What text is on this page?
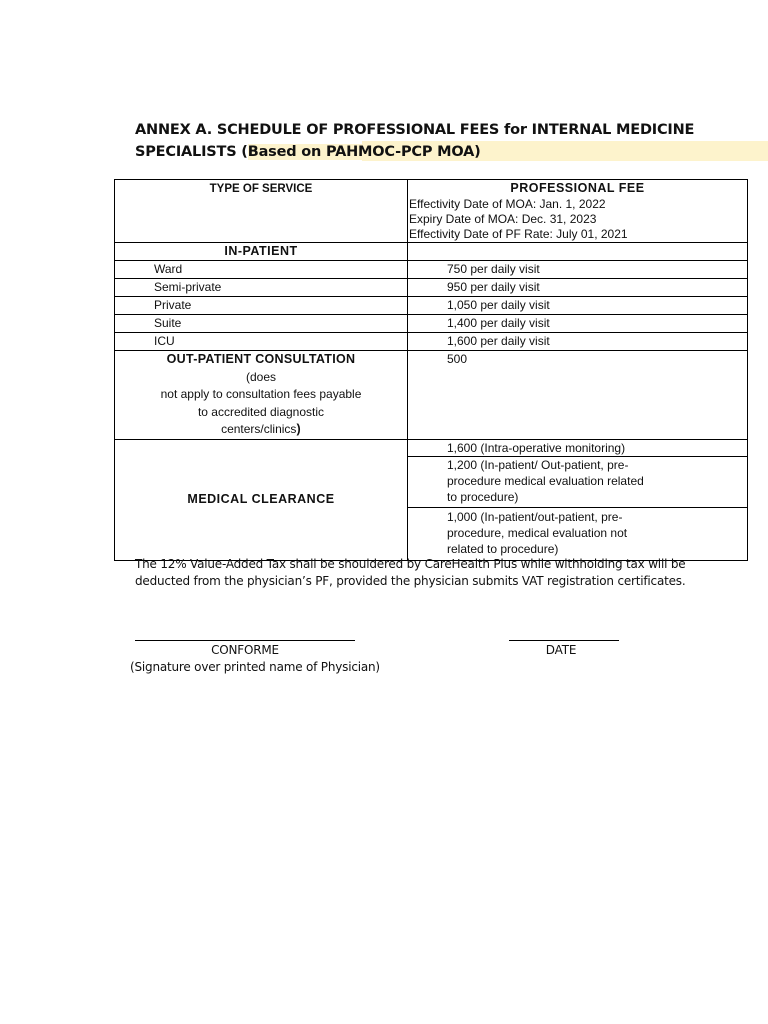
ANNEX A. SCHEDULE OF PROFESSIONAL FEES for INTERNAL MEDICINE
SPECIALISTS (Based on PAHMOC-PCP MOA)
TYPE OF SERVICE	PROFESSIONAL FEE
Effectivity Date of MOA: Jan. 1, 2022
Expiry Date of MOA: Dec. 31, 2023
Effectivity Date of PF Rate: July 01, 2021

IN-PATIENT	
Ward	750 per daily visit
Semi-private	950 per daily visit
Private	1,050 per daily visit
Suite	1,400 per daily visit
ICU	1,600 per daily visit

OUT-PATIENT CONSULTATION
(does
not apply to consultation fees payable
to accredited diagnostic
centers/clinics)	500
MEDICAL CLEARANCE	1,600 (Intra-operative monitoring)

	1,200 (In-patient/ Out-patient, pre-
procedure medical evaluation related
to procedure)

	1,000 (In-patient/out-patient, pre-
procedure, medical evaluation not
related to procedure)
The 12% Value-Added Tax shall be shouldered by CareHealth Plus while withholding tax will be
deducted from the physician’s PF, provided the physician submits VAT registration certificates.
CONFORME
(Signature over printed name of Physician)
DATE
